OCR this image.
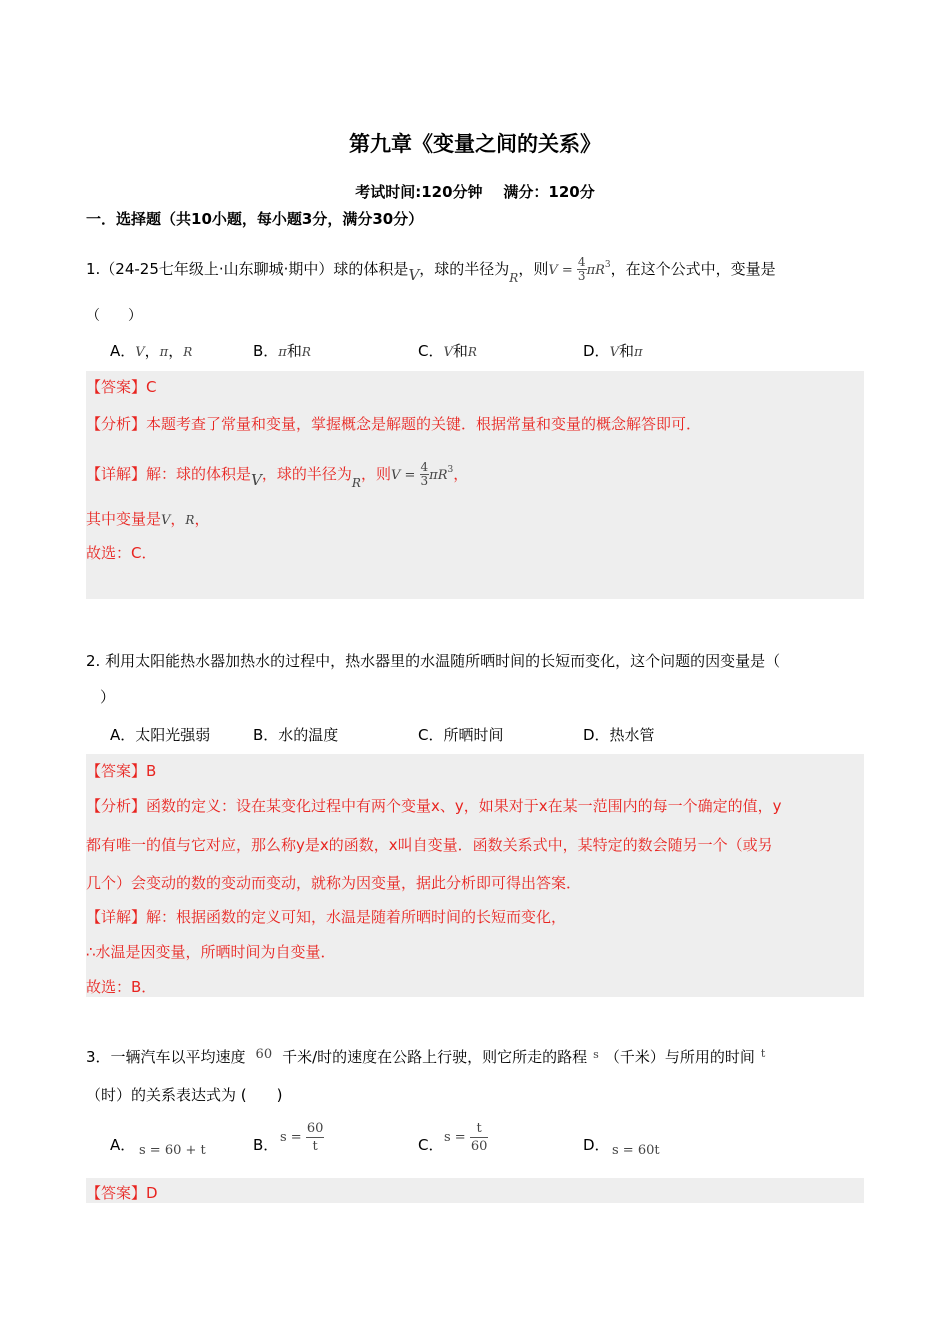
第九章《变量之间的关系》
考试时间:120分钟    满分：120分
一．选择题（共10小题，每小题3分，满分30分）
1.（24-25七年级上·山东聊城·期中）球的体积是V，球的半径为$_R$，则$V = \frac{4}{3} \pi R^3$，在这个公式中，变量是
（　　）
A．V，π，R	B．π和R	C．V和R	D．V和π
【答案】C
【分析】本题考查了常量和变量，掌握概念是解题的关键．根据常量和变量的概念解答即可．
【详解】解：球的体积是V，球的半径为$_R$，则$V = \frac{4}{3} \pi R^3$，
其中变量是V，R，
故选：C．
2. 利用太阳能热水器加热水的过程中，热水器里的水温随所晒时间的长短而变化，这个问题的因变量是（
）
A．太阳光强弱	B．水的温度	C．所晒时间	D．热水管
【答案】B
【分析】函数的定义：设在某变化过程中有两个变量x、y，如果对于x在某一范围内的每一个确定的值，y
都有唯一的值与它对应，那么称y是x的函数，x叫自变量．函数关系式中，某特定的数会随另一个（或另
几个）会变动的数的变动而变动，就称为因变量，据此分析即可得出答案．
【详解】解：根据函数的定义可知，水温是随着所晒时间的长短而变化，
∴水温是因变量，所晒时间为自变量．
故选：B．
3．一辆汽车以平均速度 60 千米/时的速度在公路上行驶，则它所走的路程 $^s$ （千米）与所用的时间 $^t$
（时）的关系表达式为 (　　)
A． s = 60 + t	B． $s = \frac{60}{t}$	C． $s = \frac{t}{60}$	D． s = 60t
【答案】D
